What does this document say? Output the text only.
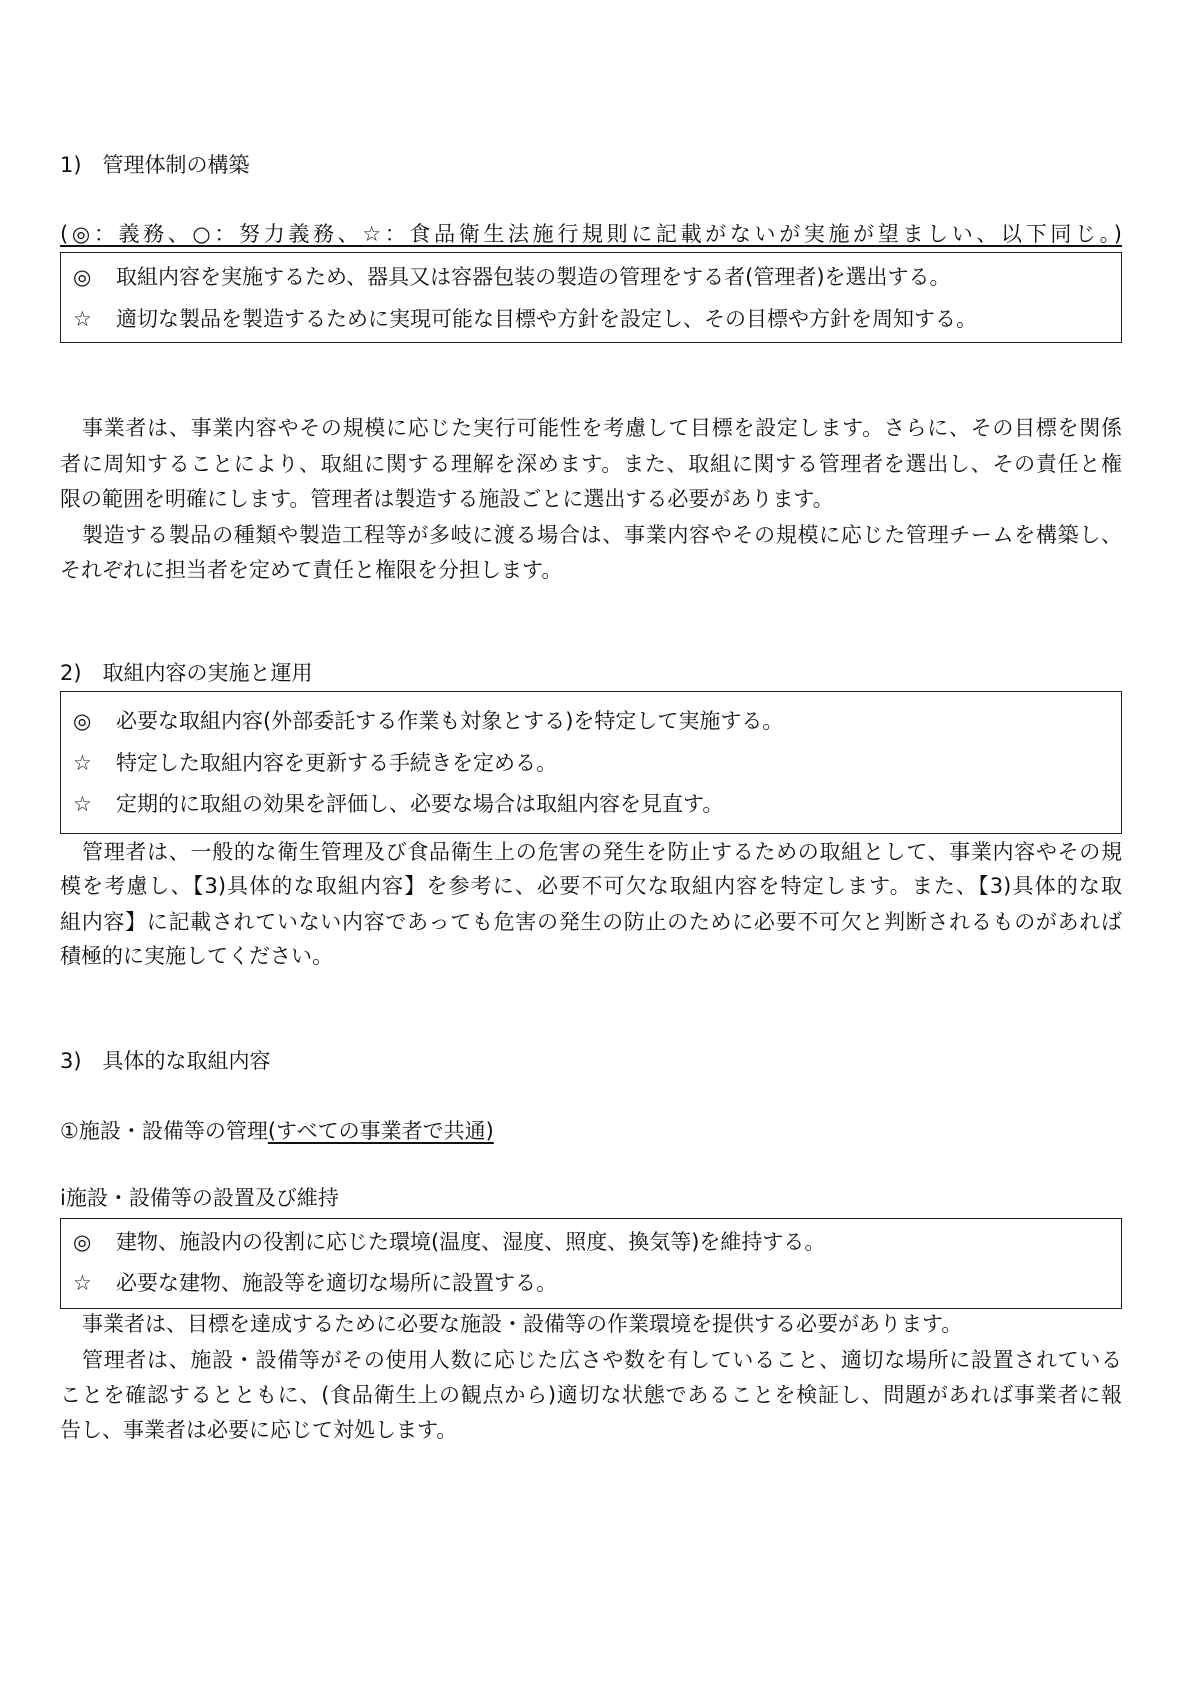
1)　管理体制の構築
(◎：義務、○：努力義務、☆：食品衛生法施行規則に記載がないが実施が望ましい、以下同じ。)
◎ 取組内容を実施するため、器具又は容器包装の製造の管理をする者(管理者)を選出する。
☆ 適切な製品を製造するために実現可能な目標や方針を設定し、その目標や方針を周知する。
事業者は、事業内容やその規模に応じた実行可能性を考慮して目標を設定します。さらに、その目標を関係
者に周知することにより、取組に関する理解を深めます。また、取組に関する管理者を選出し、その責任と権
限の範囲を明確にします。管理者は製造する施設ごとに選出する必要があります。
製造する製品の種類や製造工程等が多岐に渡る場合は、事業内容やその規模に応じた管理チームを構築し、
それぞれに担当者を定めて責任と権限を分担します。
2)　取組内容の実施と運用
◎ 必要な取組内容(外部委託する作業も対象とする)を特定して実施する。
☆ 特定した取組内容を更新する手続きを定める。
☆ 定期的に取組の効果を評価し、必要な場合は取組内容を見直す。
管理者は、一般的な衛生管理及び食品衛生上の危害の発生を防止するための取組として、事業内容やその規
模を考慮し、【3)具体的な取組内容】を参考に、必要不可欠な取組内容を特定します。また、【3)具体的な取
組内容】に記載されていない内容であっても危害の発生の防止のために必要不可欠と判断されるものがあれば
積極的に実施してください。
3)　具体的な取組内容
①施設・設備等の管理(すべての事業者で共通)
ⅰ施設・設備等の設置及び維持
◎ 建物、施設内の役割に応じた環境(温度、湿度、照度、換気等)を維持する。
☆ 必要な建物、施設等を適切な場所に設置する。
事業者は、目標を達成するために必要な施設・設備等の作業環境を提供する必要があります。
管理者は、施設・設備等がその使用人数に応じた広さや数を有していること、適切な場所に設置されている
ことを確認するとともに、(食品衛生上の観点から)適切な状態であることを検証し、問題があれば事業者に報
告し、事業者は必要に応じて対処します。
